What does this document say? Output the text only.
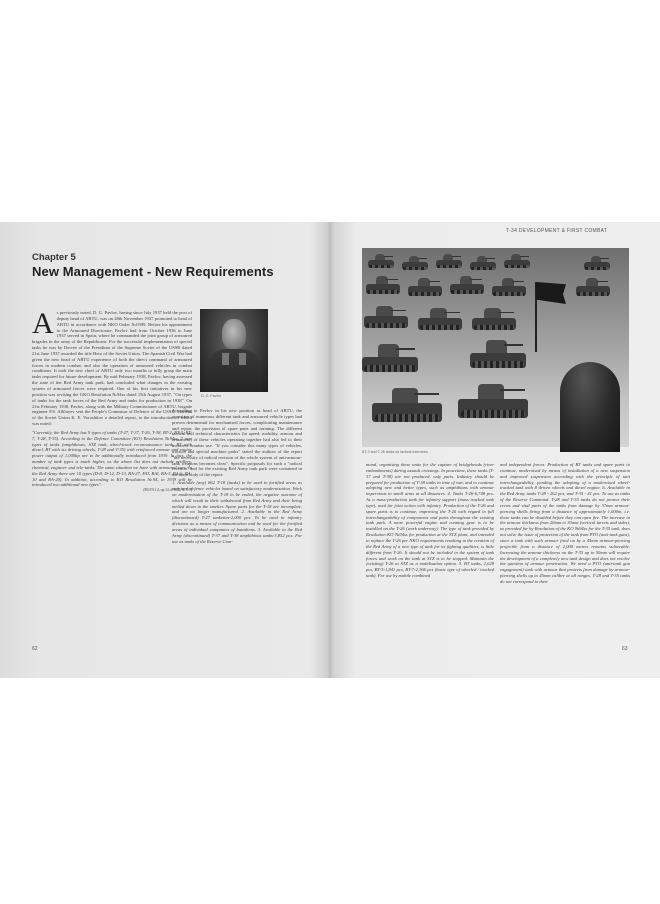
Chapter 5
New Management - New Requirements
A s previously noted, D. G. Pavlov, having since July 1937 held the post of deputy head of ABTU, was on 28th November 1937 promoted to head of ABTU in accordance with NKO Order №0399. Before his appointment to the Armoured Directorate, Pavlov had from October 1936 to June 1937 served in Spain, where he commanded the joint group of armoured brigades in the army of the Republicans. For the successful implementation of special tasks he was by Decree of the Presidium of the Supreme Soviet of the USSR dated 21st June 1937 awarded the title Hero of the Soviet Union. The Spanish Civil War had given the new head of ABTU experience of both the direct command of armoured forces in modern combat, and also the operation of armoured vehicles in combat conditions. It took the new chief of ABTU only two months to fully grasp the main tasks required for future development. By mid February 1938, Pavlov, having assessed the state of the Red Army tank park, had concluded what changes in the existing system of armoured forces were required. One of his first initiatives in his new position was revising the GKO Resolution №94ss dated 15th August 1937, "On types of tanks for the tank forces of the Red Army and tanks for production in 1938". On 21st February 1938, Pavlov, along with the Military Commissioner of ABTU, brigade engineer P.S. Alliluyev sent the People's Commisar of Defence of the USSR, Marshal of the Soviet Union K. E. Voroshilov a detailed report, to the introduction of which was noted:

"Currently, the Red Army has 9 types of tanks (T-27, T-37, T-26, T-38, BT-2, BT-5, BT-7, T-28, T-35). According to the Defence Committee (KO) Resolution №94ss, 7 new types of tanks (amphibious, STZ tank, wheel-track reconnaissance tank, BT with diesel, BT with six driving wheels, T-28 and T-35) with reinforced armour and engine power output of 1,000hp are to be additionally introduced from 1939. In fact, the number of tank types is much higher, as the above list does not include artillery, chemical, engineer and tele-tanks. The same situation we have with armoured cars. In the Red Army there are 10 types (D-8, D-12, D-13, BA-27, FAI, BAI, BA-3, BA-6, BA-10 and BA-20). In addition, according to KO Resolution №94, in 1939 will be introduced two additional new types".

(RGVA f.4, op.14, d.1842, ll. 1-5)

D. G. Pavlov

According to Pavlov in his new position as head of ABTU, the operation of numerous different tank and armoured vehicle types had proven detrimental for mechanised forces, complicating maintenance and repair, the provision of spare parts and training. The different tactical and technical characteristics (in speed, mobility, armour and armament) of these vehicles operating together had also led to their incorrect combat use. "If you consider this many types of vehicles, tractors and special machine parks" stated the authors of the report "the necessity of radical revision of the whole system of anti-armour-tank weapons becomes clear". Specific proposals for such a "radical revision" and for the existing Red Army tank park were contained in the main body of the report:

1. Available (any) 862 T-18 (tanks) to be used to fortified areas as anti-tank defence vehicles based on satisfactory modernisation. Work on modernisation of the T-18 to be ended, the negative outcome of which will result in their withdrawal from Red Army and their being melted down in the smelter. Spare parts for the T-18 are incomplete, and are no longer manufactured. 2. Available in the Red Army (discontinued) T-27 tankettes-2,000 pcs. To be used in infantry divisions as a means of communication and be used for the fortified areas of individual companies of battalions. 3. Available in the Red Army (discontinued) T-37 and T-38 amphibious tanks-3,852 pcs. For use as tanks of the Reserve Com-

62
T-34 DEVELOPMENT & FIRST COMBAT
BT-2 and T-26 tanks on tactical exercises.

mand, organising these units for the capture of bridgeheads (river embankments) during assault crossings. In peacetime, these tanks (T-37 and T-38) are not produced, only parts. Industry should be prepared for production of T-38 tanks in time of war, and to continue adopting new and better types, such as amphibians with armour impervious to small arms at all distances. 4. Tanks T-26-6,748 pcs. As a mass-production tank for infantry support (mass tracked tank type), used for joint action with infantry. Production of the T-26 and spare parts is to continue, improving the T-26 with regard to full interchangeability of components and parts throughout the existing tank park. A more powerful engine and running gear is to be installed on the T-26 (work underway). The type of tank provided by Resolution KO №94ss for production at the STZ plant, and intended to replace the T-26 per NKO requirements resulting in the creation of the Red Army of a new type of tank for its fighting qualities, is little different from T-26. It should not be included in the system of tank forces and work on the tank at STZ is to be stopped. Maintain the (existing) T-26 at STZ as a mobilisation option. 5. BT tanks, 2,628 pcs, BT-5-1,841 pcs, BT-7-2,366 pcs (basic type of wheeled / tracked tank). For use by mobile combined

and independent forces. Production of BT tanks and spare parts to continue, modernised by means of installation of a new suspension and improved suspension according with the principle of unit interchangeability, pending the adopting of a modernised wheel-tracked tank with 8 driven wheels and diesel engine. 6. Available in the Red Army tanks T-28 - 262 pcs, and T-35 - 41 pcs. To use as tanks of the Reserve Command. T-28 and T-35 tanks do not protect their crews and vital parts of the tanks from damage by 37mm armour-piercing shells firing from a distance of approximately 1,000m, i.e. these tanks can be disabled before they can open fire. The increase in the armour thickness from 20mm to 30mm (vertical turrets and sides), as provided for by Resolution of the KO №94ss for the T-35 tank, does not solve the issue of protection of the tank from PTO (anti-tank guns), since a tank with such armour fired on by a 45mm armour-piercing projectile from a distance of 2,000 metres remains vulnerable. Increasing the armour thickness on the T-35 up to 50mm will require the development of a completely new tank design and does not resolve the question of armour penetration. We need a PTO (anti-tank gun engagement) tank with armour that protects from damage by armour-piercing shells up to 45mm calibre at all ranges. T-28 and T-35 tanks do not correspond to their

63
